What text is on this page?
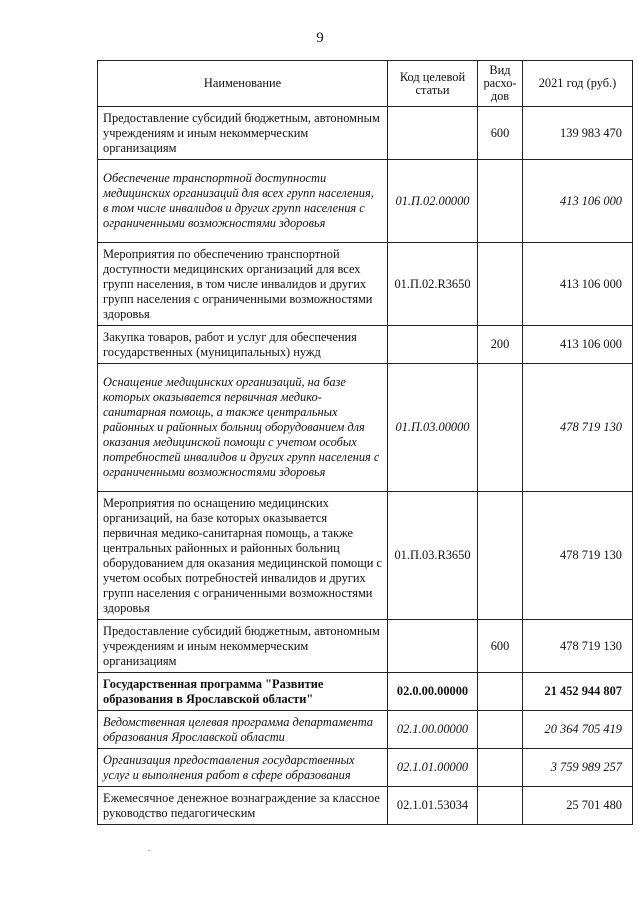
9
Наименование	Код целевой статьи	Вид расхо-дов	2021 год (руб.)
Предоставление субсидий бюджетным, автономным учреждениям и иным некоммерческим организациям		600	139 983 470
Обеспечение транспортной доступности медицинских организаций для всех групп населения, в том числе инвалидов и других групп населения с ограниченными возможностями здоровья	01.П.02.00000		413 106 000
Мероприятия по обеспечению транспортной доступности медицинских организаций для всех групп населения, в том числе инвалидов и других групп населения с ограниченными возможностями здоровья	01.П.02.R3650		413 106 000
Закупка товаров, работ и услуг для обеспечения государственных (муниципальных) нужд		200	413 106 000
Оснащение медицинских организаций, на базе которых оказывается первичная медико-санитарная помощь, а также центральных районных и районных больниц оборудованием для оказания медицинской помощи с учетом особых потребностей инвалидов и других групп населения с ограниченными возможностями здоровья	01.П.03.00000		478 719 130
Мероприятия по оснащению медицинских организаций, на базе которых оказывается первичная медико-санитарная помощь, а также центральных районных и районных больниц оборудованием для оказания медицинской помощи с учетом особых потребностей инвалидов и других групп населения с ограниченными возможностями здоровья	01.П.03.R3650		478 719 130
Предоставление субсидий бюджетным, автономным учреждениям и иным некоммерческим организациям		600	478 719 130
Государственная программа "Развитие образования в Ярославской области"	02.0.00.00000		21 452 944 807
Ведомственная целевая программа департамента образования Ярославской области	02.1.00.00000		20 364 705 419
Организация предоставления государственных услуг и выполнения работ в сфере образования	02.1.01.00000		3 759 989 257
Ежемесячное денежное вознаграждение за классное руководство педагогическим	02.1.01.53034		25 701 480
